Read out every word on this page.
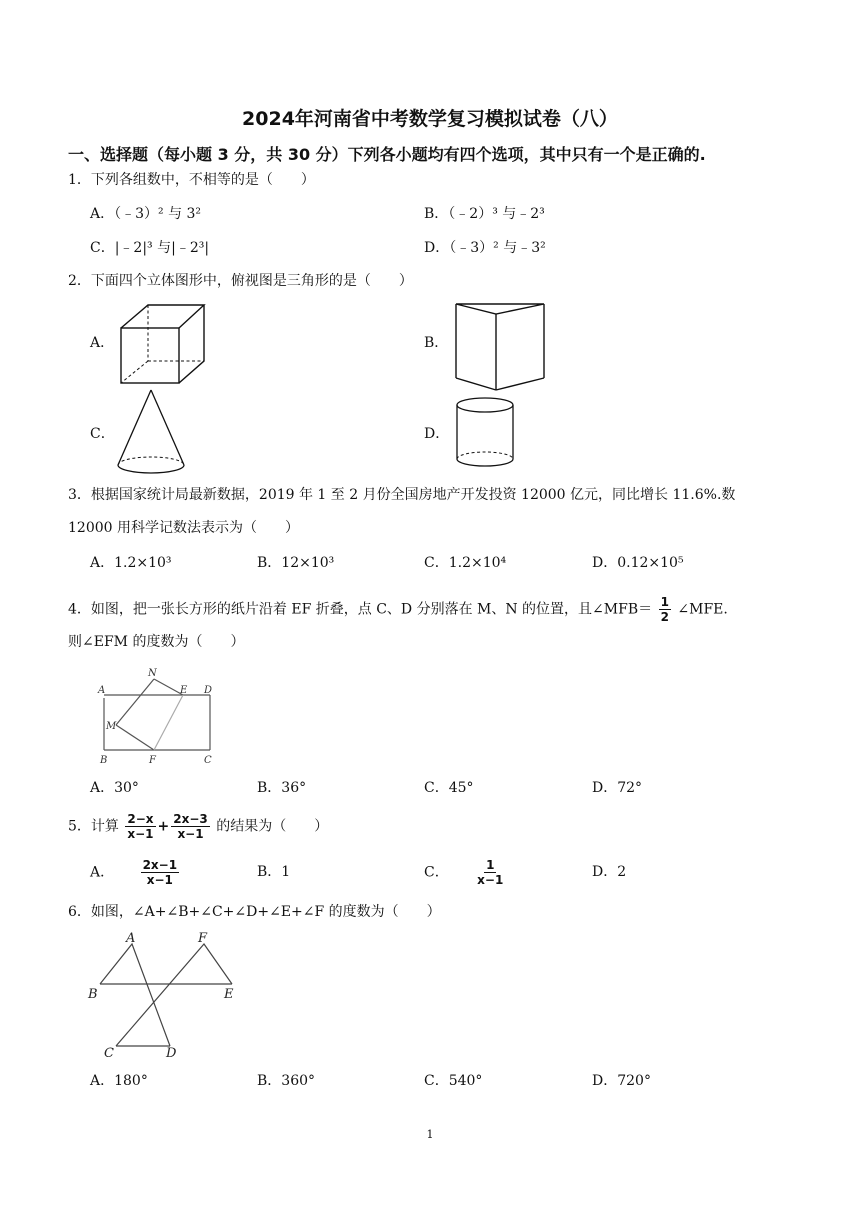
2024年河南省中考数学复习模拟试卷（八）
一、选择题（每小题 3 分，共 30 分）下列各小题均有四个选项，其中只有一个是正确的.
1．下列各组数中，不相等的是（　　）
A．（﹣3）² 与 3²	B．（﹣2）³ 与﹣2³
C．|﹣2|³ 与|﹣2³|	D．（﹣3）² 与﹣3²
2．下面四个立体图形中，俯视图是三角形的是（　　）
A．	B．
C．	D．
3．根据国家统计局最新数据，2019 年 1 至 2 月份全国房地产开发投资 12000 亿元，同比增长 11.6%.数
12000 用科学记数法表示为（　　）
A．1.2×10³	B．12×10³	C．1.2×10⁴	D．0.12×10⁵
4．如图，把一张长方形的纸片沿着 EF 折叠，点 C、D 分别落在 M、N 的位置，且∠MFB＝ $\frac{1}{2}$ ∠MFE.
则∠EFM 的度数为（　　）
A
N
E D
M
B	F	C
A．30°	B．36°	C．45°	D．72°
5．计算 $\frac{2-x}{x-1} + \frac{2x-3}{x-1}$ 的结果为（　　）
A． $\frac{2x-1}{x-1}$	B．1	C． $\frac{1}{x-1}$	D．2
6．如图，∠A+∠B+∠C+∠D+∠E+∠F 的度数为（　　）
A	F
B	E
C	D
A．180°	B．360°	C．540°	D．720°
1
